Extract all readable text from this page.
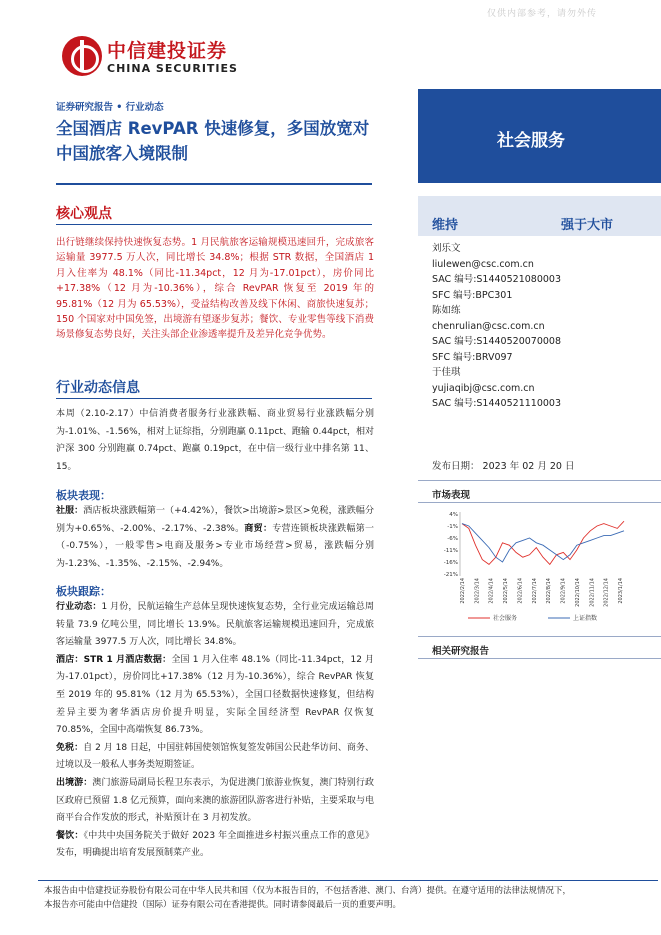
仅供内部参考，请勿外传
中信建投证券
CHINA SECURITIES
证券研究报告 • 行业动态
全国酒店 RevPAR 快速修复，多国放宽对
中国旅客入境限制
社会服务
核心观点
出行链继续保持快速恢复态势。1 月民航旅客运输规模迅速回升，完成旅客运输量 3977.5 万人次，同比增长 34.8%；根据 STR 数据，全国酒店 1 月入住率为 48.1%（同比-11.34pct，12 月为-17.01pct），房价同比+17.38%（12 月为-10.36%），综合 RevPAR 恢复至 2019 年的 95.81%（12 月为 65.53%），受益结构改善及线下休闲、商旅快速复苏；150 个国家对中国免签，出境游有望逐步复苏；餐饮、专业零售等线下消费场景修复态势良好，关注头部企业渗透率提升及差异化竞争优势。
行业动态信息
本周（2.10-2.17）中信消费者服务行业涨跌幅、商业贸易行业涨跌幅分别为-1.01%、-1.56%，相对上证综指，分别跑赢 0.11pct、跑输 0.44pct，相对沪深 300 分别跑赢 0.74pct、跑赢 0.19pct，在中信一级行业中排名第 11、15。
板块表现：
社服：酒店板块涨跌幅第一（+4.42%），餐饮>出境游>景区>免税，涨跌幅分别为+0.65%、-2.00%、-2.17%、-2.38%。商贸：专营连锁板块涨跌幅第一（-0.75%），一般零售>电商及服务>专业市场经营>贸易，涨跌幅分别为-1.23%、-1.35%、-2.15%、-2.94%。
板块跟踪：
行业动态：1 月份，民航运输生产总体呈现快速恢复态势，全行业完成运输总周转量 73.9 亿吨公里，同比增长 13.9%。民航旅客运输规模迅速回升，完成旅客运输量 3977.5 万人次，同比增长 34.8%。
酒店：STR 1 月酒店数据：全国 1 月入住率 48.1%（同比-11.34pct，12 月为-17.01pct），房价同比+17.38%（12 月为-10.36%），综合 RevPAR 恢复至 2019 年的 95.81%（12 月为 65.53%），全国口径数据快速修复，但结构差异主要为奢华酒店房价提升明显，实际全国经济型 RevPAR 仅恢复 70.85%，全国中高端恢复 86.73%。
免税：自 2 月 18 日起，中国驻韩国使领馆恢复签发韩国公民赴华访问、商务、过境以及一般私人事务类短期签证。
出境游：澳门旅游局副局长程卫东表示，为促进澳门旅游业恢复，澳门特别行政区政府已预留 1.8 亿元预算，面向来澳的旅游团队游客进行补贴，主要采取与电商平台合作发放的形式，补贴预计在 3 月初发放。
餐饮：《中共中央国务院关于做好 2023 年全面推进乡村振兴重点工作的意见》发布，明确提出培育发展预制菜产业。
维持	强于大市
刘乐文
liulewen@csc.com.cn
SAC 编号:S1440521080003
SFC 编号:BPC301
陈如练
chenrulian@csc.com.cn
SAC 编号:S1440520070008
SFC 编号:BRV097
于佳琪
yujiaqibj@csc.com.cn
SAC 编号:S1440521110003
发布日期： 2023 年 02 月 20 日
市场表现
4%
-1%
-6%
-11%
-16%
-21%
2022/2/14 2022/3/14 2022/4/14 2022/5/14 2022/6/14 2022/7/14 2022/8/14 2022/9/14 2022/10/14 2022/11/14 2022/12/14 2023/1/14
社会服务	上证指数
相关研究报告
本报告由中信建投证券股份有限公司在中华人民共和国（仅为本报告目的，不包括香港、澳门、台湾）提供。在遵守适用的法律法规情况下，
本报告亦可能由中信建投（国际）证券有限公司在香港提供。同时请参阅最后一页的重要声明。
